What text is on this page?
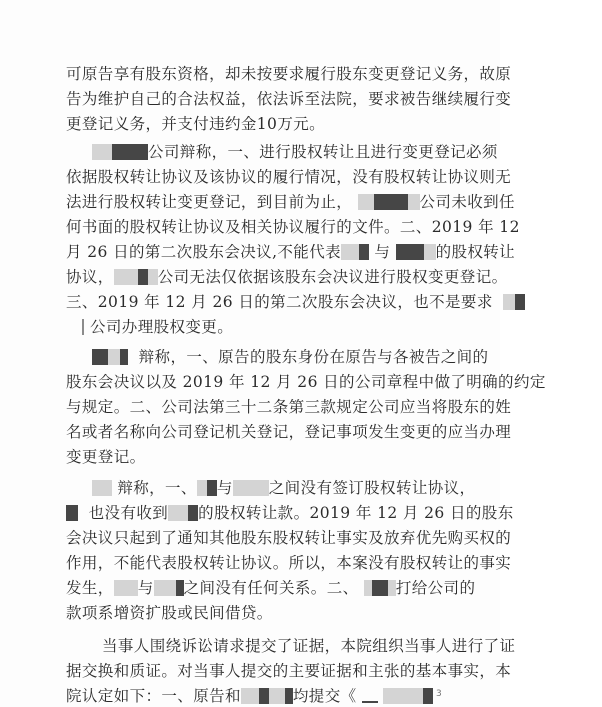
可原告享有股东资格，却未按要求履行股东变更登记义务，故原
告为维护自己的合法权益，依法诉至法院，要求被告继续履行变
更登记义务，并支付违约金10万元。
公司辩称，一、进行股权转让且进行变更登记必须
依据股权转让协议及该协议的履行情况，没有股权转让协议则无
法进行股权转让变更登记，到目前为止，	公司未收到任
何书面的股权转让协议及相关协议履行的文件。二、2019 年 12
月 26 日的第二次股东会决议,不能代表 与	的股权转让
协议，	公司无法仅依据该股东会决议进行股权变更登记。
三、2019 年 12 月 26 日的第二次股东会决议，也不是要求
公司办理股权变更。
辩称，一、原告的股东身份在原告与各被告之间的
股东会决议以及 2019 年 12 月 26 日的公司章程中做了明确的约定
与规定。二、公司法第三十二条第三款规定公司应当将股东的姓
名或者名称向公司登记机关登记，登记事项发生变更的应当办理
变更登记。
辩称，一、 与 之间没有签订股权转让协议，
也没有收到 的股权转让款。2019 年 12 月 26 日的股东
会决议只起到了通知其他股东股权转让事实及放弃优先购买权的
作用，不能代表股权转让协议。所以，本案没有股权转让的事实
发生， 与 之间没有任何关系。二、 打给公司的
款项系增资扩股或民间借贷。
当事人围绕诉讼请求提交了证据，本院组织当事人进行了证
据交换和质证。对当事人提交的主要证据和主张的基本事实，本
院认定如下：一、原告和	均提交《	3
